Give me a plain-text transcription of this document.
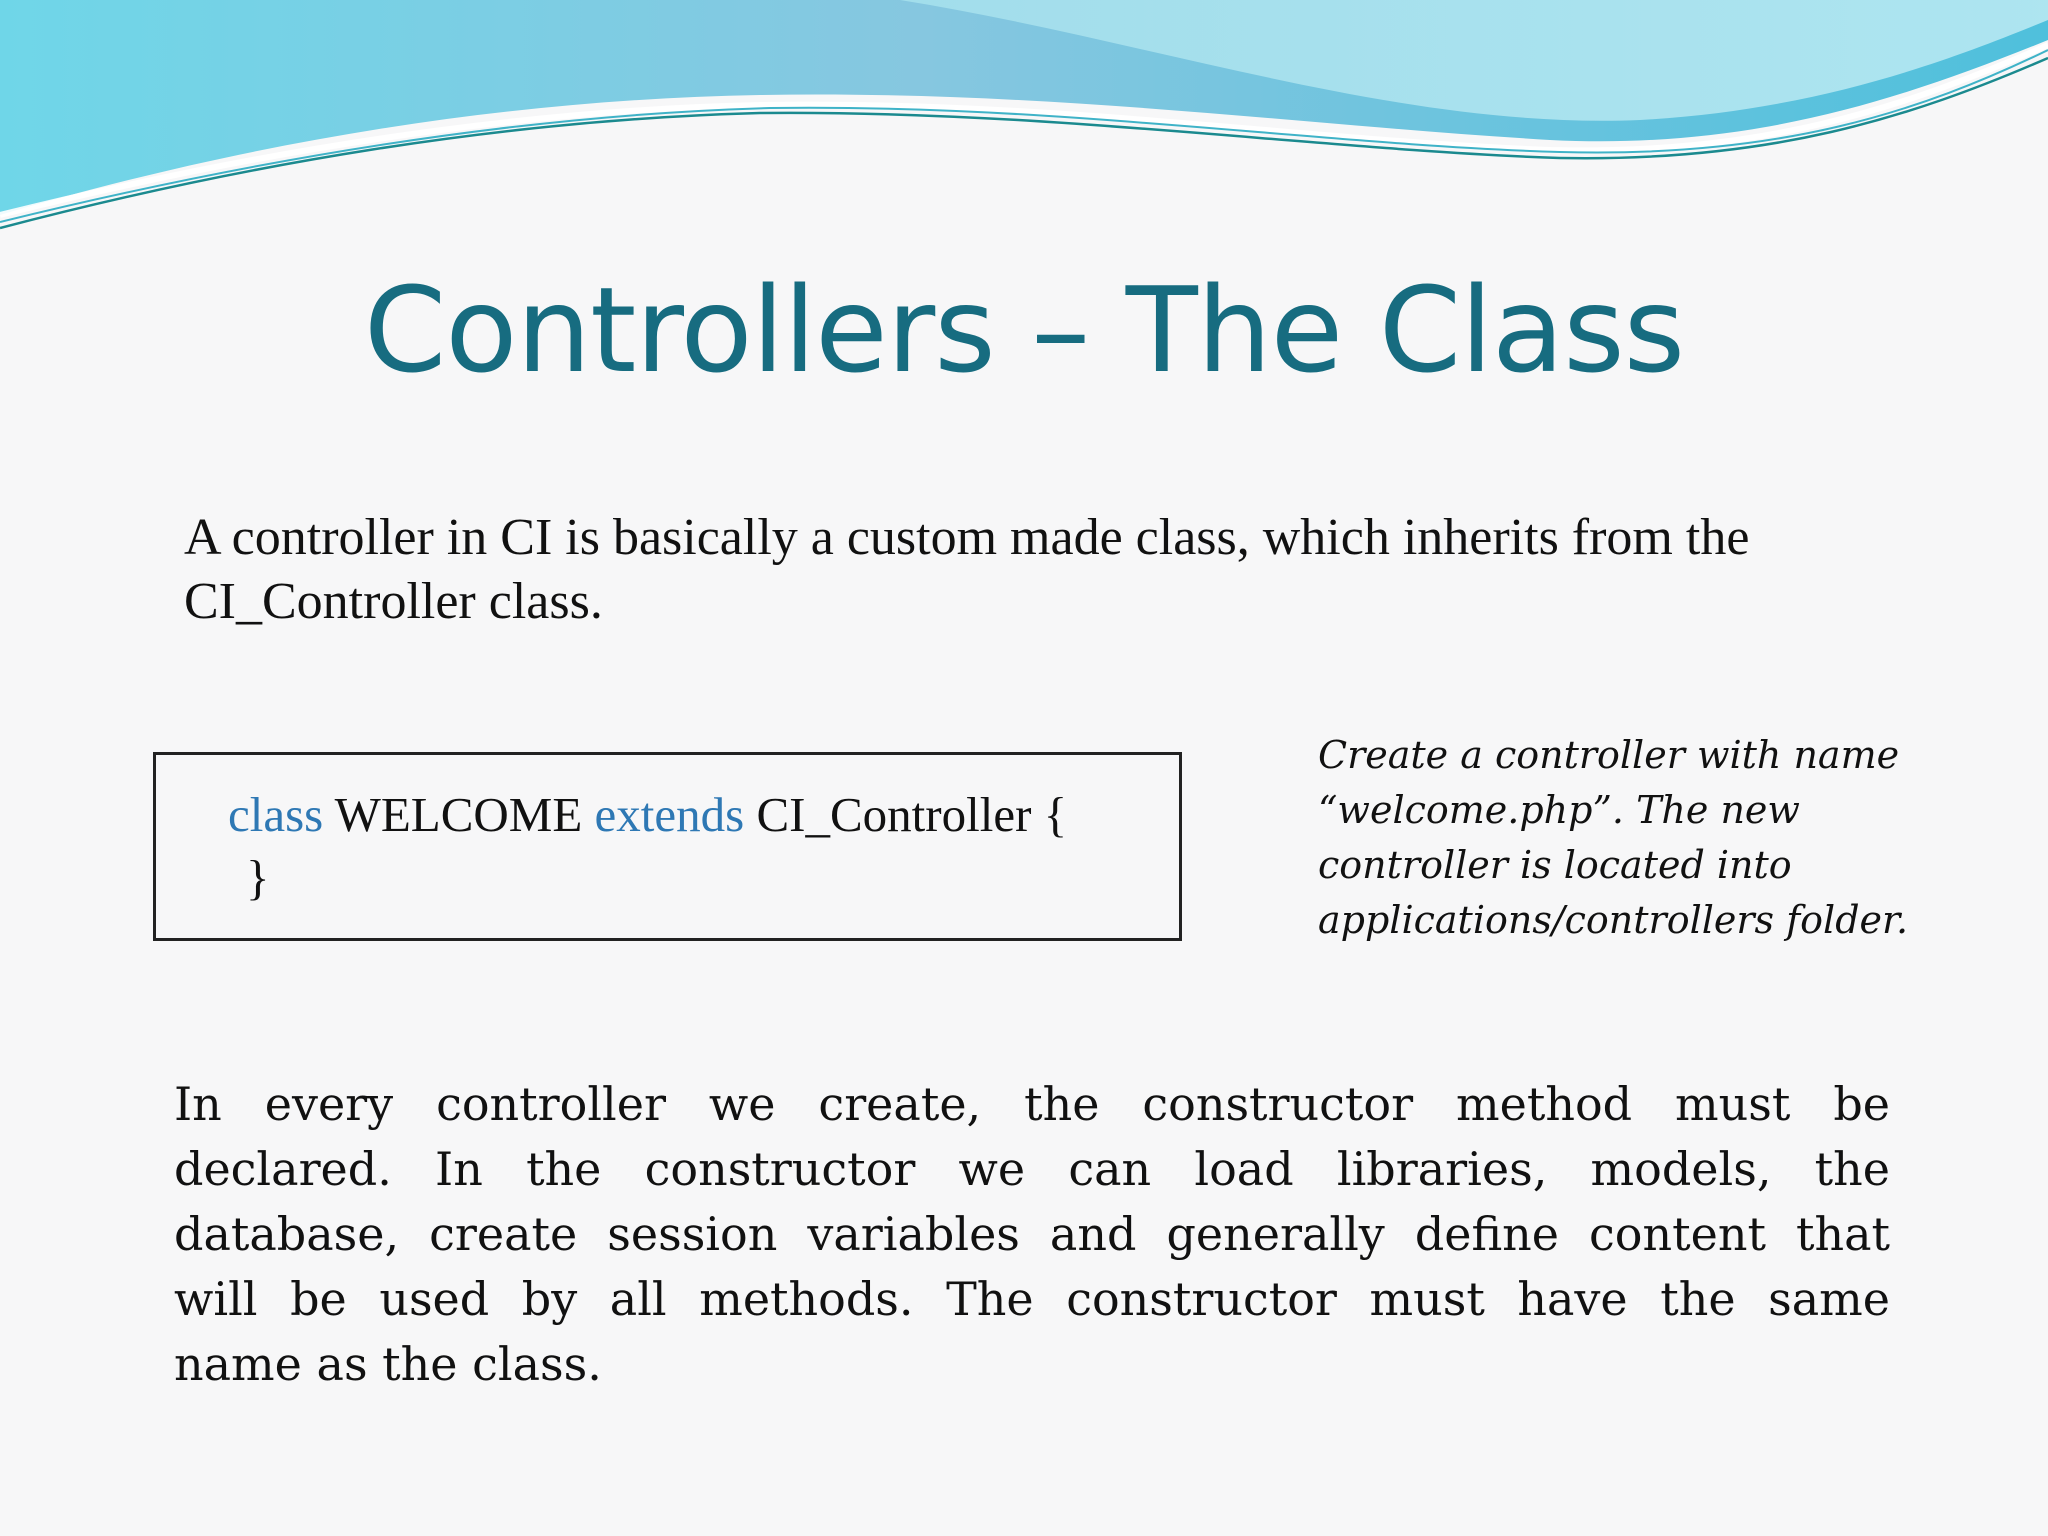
Controllers – The Class
A controller in CI is basically a custom made class, which inherits from the CI_Controller class.
class WELCOME extends CI_Controller {
}
Create a controller with name
“welcome.php”. The new
controller is located into
applications/controllers folder.
In every controller we create, the constructor method must be
declared. In the constructor we can load libraries, models, the
database, create session variables and generally define content that
will be used by all methods. The constructor must have the same
name as the class.
